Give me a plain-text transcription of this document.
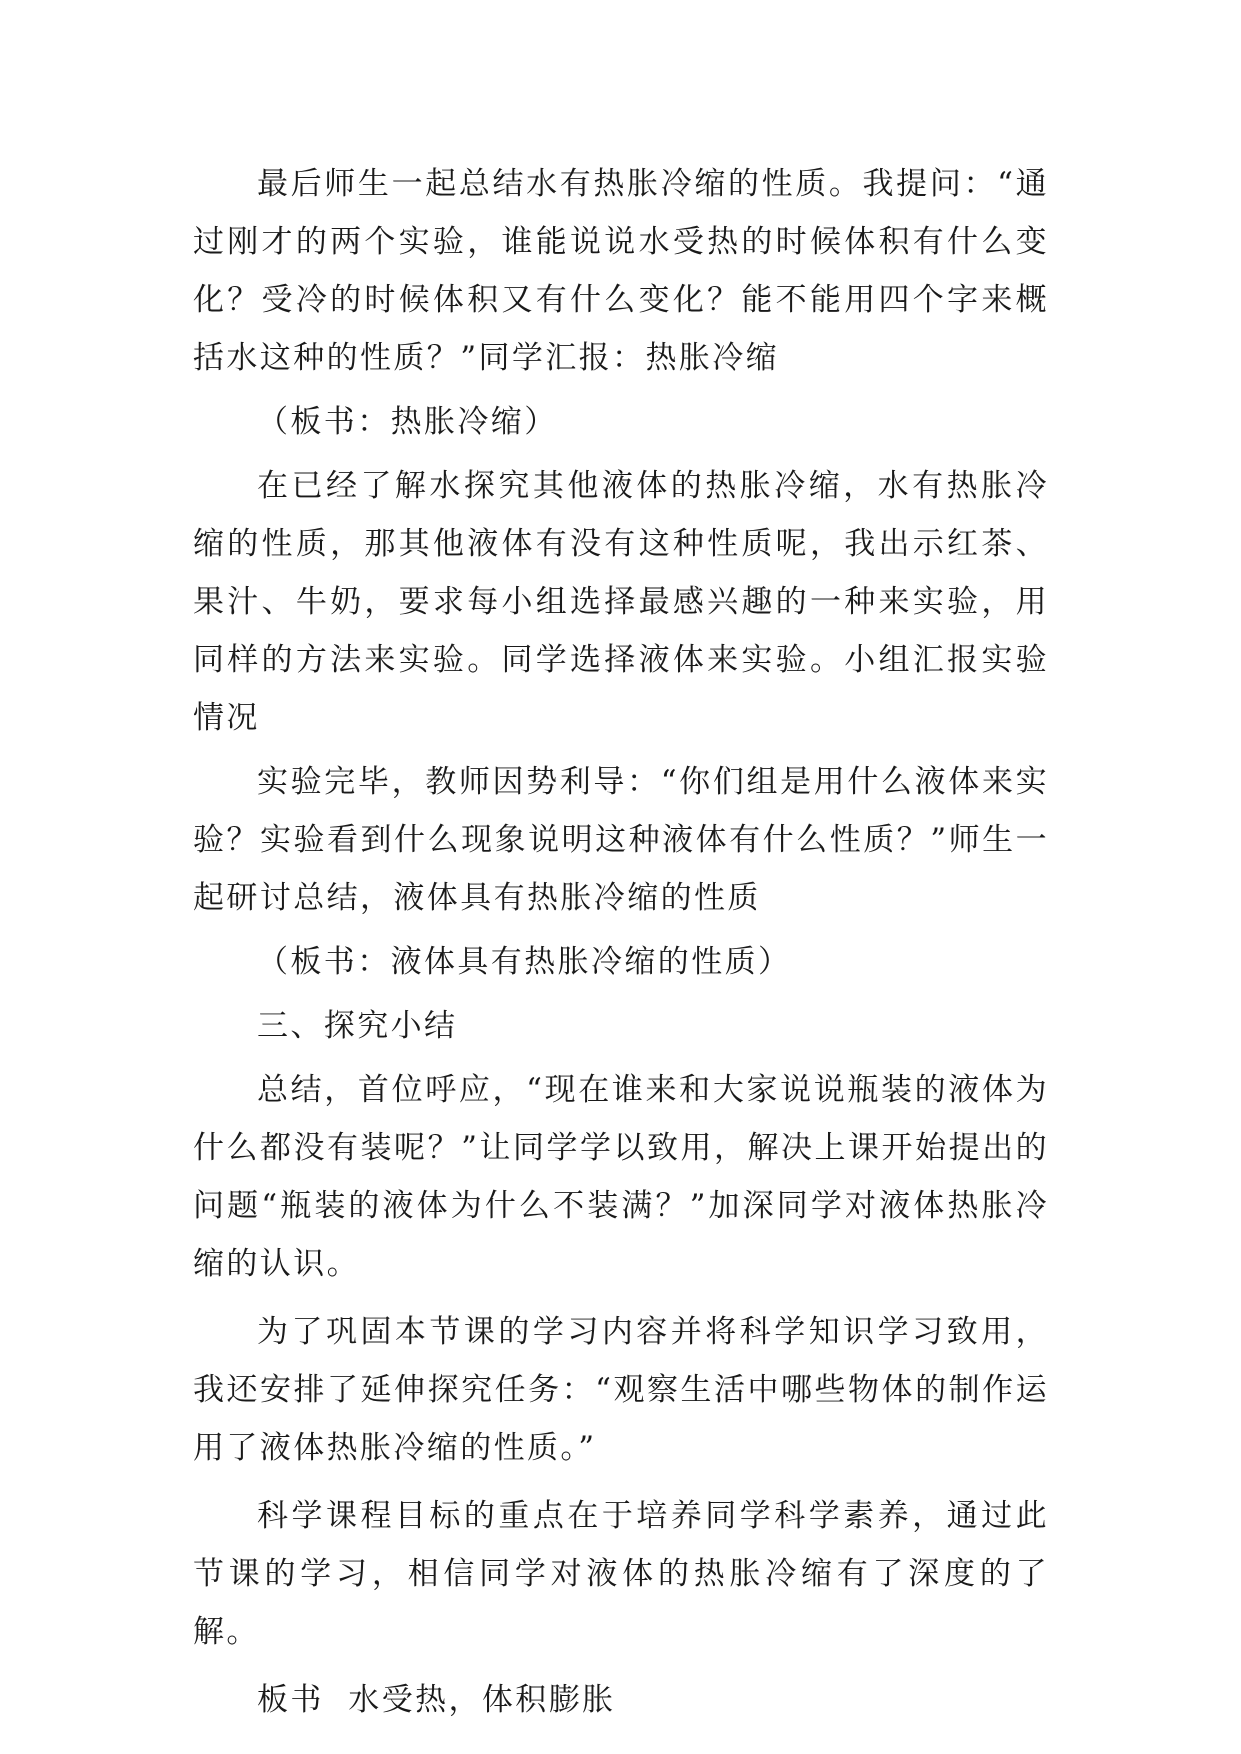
最后师生一起总结水有热胀冷缩的性质。我提问：“通过刚才的两个实验，谁能说说水受热的时候体积有什么变化？受冷的时候体积又有什么变化？能不能用四个字来概括水这种的性质？”同学汇报：热胀冷缩

（板书：热胀冷缩）

在已经了解水探究其他液体的热胀冷缩，水有热胀冷缩的性质，那其他液体有没有这种性质呢，我出示红茶、果汁、牛奶，要求每小组选择最感兴趣的一种来实验，用同样的方法来实验。同学选择液体来实验。小组汇报实验情况

实验完毕，教师因势利导：“你们组是用什么液体来实验？实验看到什么现象说明这种液体有什么性质？”师生一起研讨总结，液体具有热胀冷缩的性质

（板书：液体具有热胀冷缩的性质）

三、探究小结

总结，首位呼应，“现在谁来和大家说说瓶装的液体为什么都没有装呢？”让同学学以致用，解决上课开始提出的问题“瓶装的液体为什么不装满？”加深同学对液体热胀冷缩的认识。

为了巩固本节课的学习内容并将科学知识学习致用，我还安排了延伸探究任务：“观察生活中哪些物体的制作运用了液体热胀冷缩的性质。”

科学课程目标的重点在于培养同学科学素养，通过此节课的学习，相信同学对液体的热胀冷缩有了深度的了解。

板书  水受热，体积膨胀
